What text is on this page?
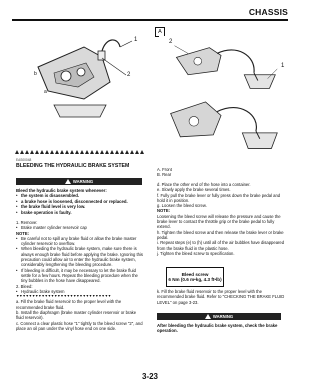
CHASSIS
1
2
a
b
EAS00048
BLEEDING THE HYDRAULIC BRAKE SYSTEM
WARNING
Bleed the hydraulic brake system whenever:
• the system is disassembled.
• a brake hose is loosened, disconnected or replaced.
• the brake fluid level is very low.
• brake operation is faulty.
1. Remove:
• Brake master cylinder reservoir cap
NOTE:
• Be careful not to spill any brake fluid or allow the brake master cylinder reservoir to overflow.
• When bleeding the hydraulic brake system, make sure there is always enough brake fluid before applying the brake. Ignoring this precaution could allow air to enter the hydraulic brake system, considerably lengthening the bleeding procedure.
• If bleeding is difficult, it may be necessary to let the brake fluid settle for a few hours. Repeat the bleeding procedure when the tiny bubbles in the hose have disappeared.
2. Bleed:
• Hydraulic brake system
▼▼▼▼▼▼▼▼▼▼▼▼▼▼▼▼▼▼▼▼▼▼▼▼▼▼▼▼▼▼
a. Fill the brake fluid reservoir to the proper level with the recommended brake fluid.
b. Install the diaphragm (brake master cylinder reservoir or brake fluid reservoir).
c. Connect a clear plastic hose "1" tightly to the bleed screw "2", and place an oil pan under the vinyl hose end on one side.
A
2
1
A. Front
B. Rear
d. Place the other end of the hose into a container.
e. Slowly apply the brake several times.
f. Fully pull the brake lever or fully press down the brake pedal and hold it in position.
g. Loosen the bleed screw.
NOTE:
Loosening the bleed screw will release the pressure and cause the brake lever to contact the throttle grip or the brake pedal to fully extend.
h. Tighten the bleed screw and then release the brake lever or brake pedal.
i. Repeat steps (e) to (h) until all of the air bubbles have disappeared from the brake fluid in the plastic hose.
j. Tighten the bleed screw to specification.
Bleed screw
6 Nm (0.6 m•kg, 4.3 ft•lb)
k. Fill the brake fluid reservoir to the proper level with the recommended brake fluid. Refer to "CHECKING THE BRAKE FLUID LEVEL" on page 3-23.
WARNING
After bleeding the hydraulic brake system, check the brake operation.
3-23
